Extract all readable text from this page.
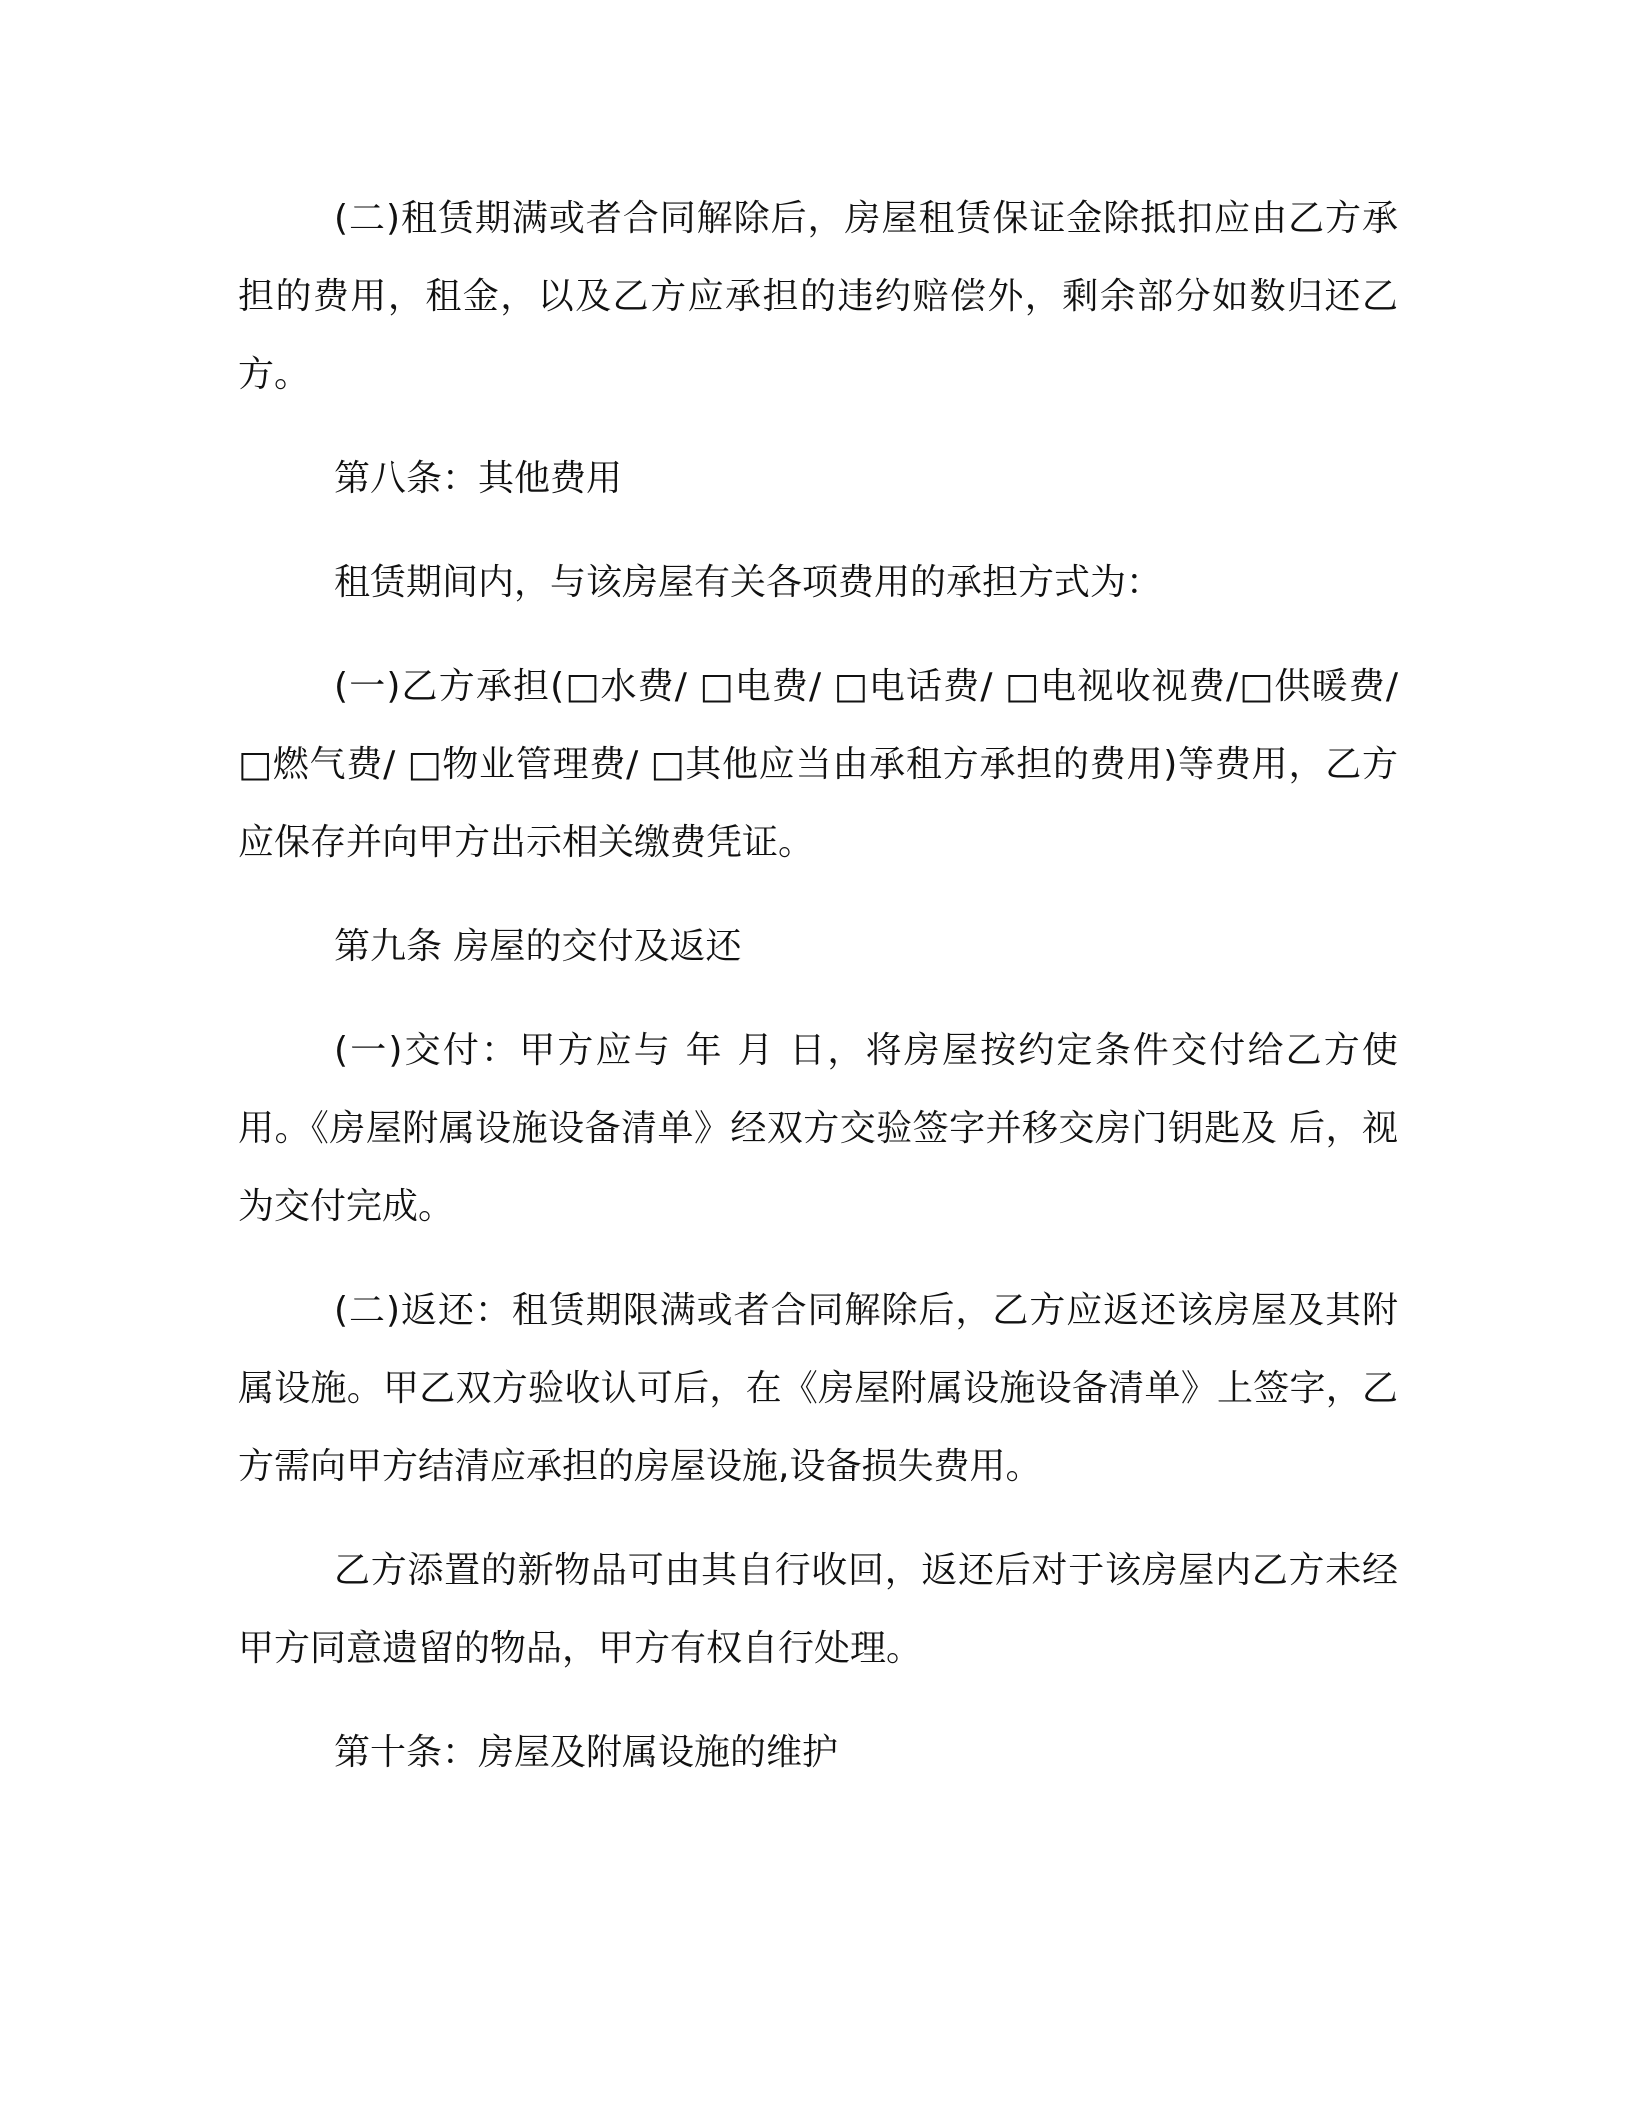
(二)租赁期满或者合同解除后，房屋租赁保证金除抵扣应由乙方承担的费用，租金，以及乙方应承担的违约赔偿外，剩余部分如数归还乙方。

第八条：其他费用

租赁期间内，与该房屋有关各项费用的承担方式为：

(一)乙方承担(□水费/ □电费/ □电话费/ □电视收视费/□供暖费/ □燃气费/ □物业管理费/ □其他应当由承租方承担的费用)等费用，乙方应保存并向甲方出示相关缴费凭证。

第九条 房屋的交付及返还

(一)交付：甲方应与 年 月 日，将房屋按约定条件交付给乙方使用。《房屋附属设施设备清单》经双方交验签字并移交房门钥匙及 后，视为交付完成。

(二)返还：租赁期限满或者合同解除后，乙方应返还该房屋及其附属设施。甲乙双方验收认可后，在《房屋附属设施设备清单》上签字，乙方需向甲方结清应承担的房屋设施,设备损失费用。

乙方添置的新物品可由其自行收回，返还后对于该房屋内乙方未经甲方同意遗留的物品，甲方有权自行处理。

第十条：房屋及附属设施的维护
